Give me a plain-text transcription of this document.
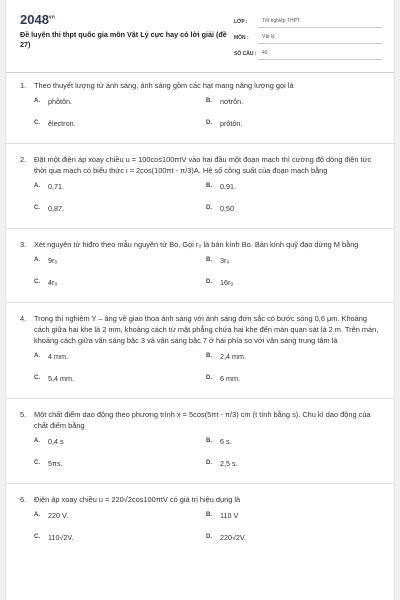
$2048^{vn}$
Đề luyện thi thpt quốc gia môn Vật Lý cực hay có lời giải (đề 27)
LỚP :	Tốt nghiệp THPT
MÔN :	Vật lý
SỐ CÂU :	40
1.	Theo thuyết lượng tử ánh sáng, ánh sáng gồm các hạt mang năng lượng gọi là
A.	phôtôn.	B.	nơtrôn.
C.	êlectron.	D.	prôtôn.
2.	Đặt một điện áp xoay chiều u = 100cos100πtV vào hai đầu một đoạn mạch thì cường độ dòng điện tức thời qua mạch có biểu thức i = 2cos(100πt - π/3)A. Hệ số công suất của đoạn mạch bằng
A.	0,71.	B.	0,91.
C.	0,87.	D.	0,50
3.	Xét nguyên tử hiđro theo mẫu nguyên tử Bo. Gọi r₀ là bán kính Bo. Bán kính quỹ đạo dừng M bằng
A.	9r₀	B.	3r₀
C.	4r₀	D.	16r₀
4.	Trong thí nghiệm Y – âng về giao thoa ánh sáng với ánh sáng đơn sắc có bước sóng 0,6 μm. Khoảng cách giữa hai khe là 2 mm, khoảng cách từ mặt phẳng chứa hai khe đến màn quan sát là 2 m. Trên màn, khoảng cách giữa vân sáng bậc 3 và vân sáng bậc 7 ở hai phía so với vân sáng trung tâm là
A.	4 mm.	B.	2,4 mm.
C.	5,4 mm.	D.	6 mm.
5.	Một chất điểm dao động theo phương trình x = 5cos(5πt - π/3) cm (t tính bằng s). Chu kì dao động của chất điểm bằng
A.	0,4 s	B.	6 s.
C.	5πs.	D.	2,5 s.
6.	Điện áp xoay chiều u = 220√2cos100πtV có giá trị hiệu dụng là
A.	220 V.	B.	110 V
C.	110√2V.	D.	220√2V.
